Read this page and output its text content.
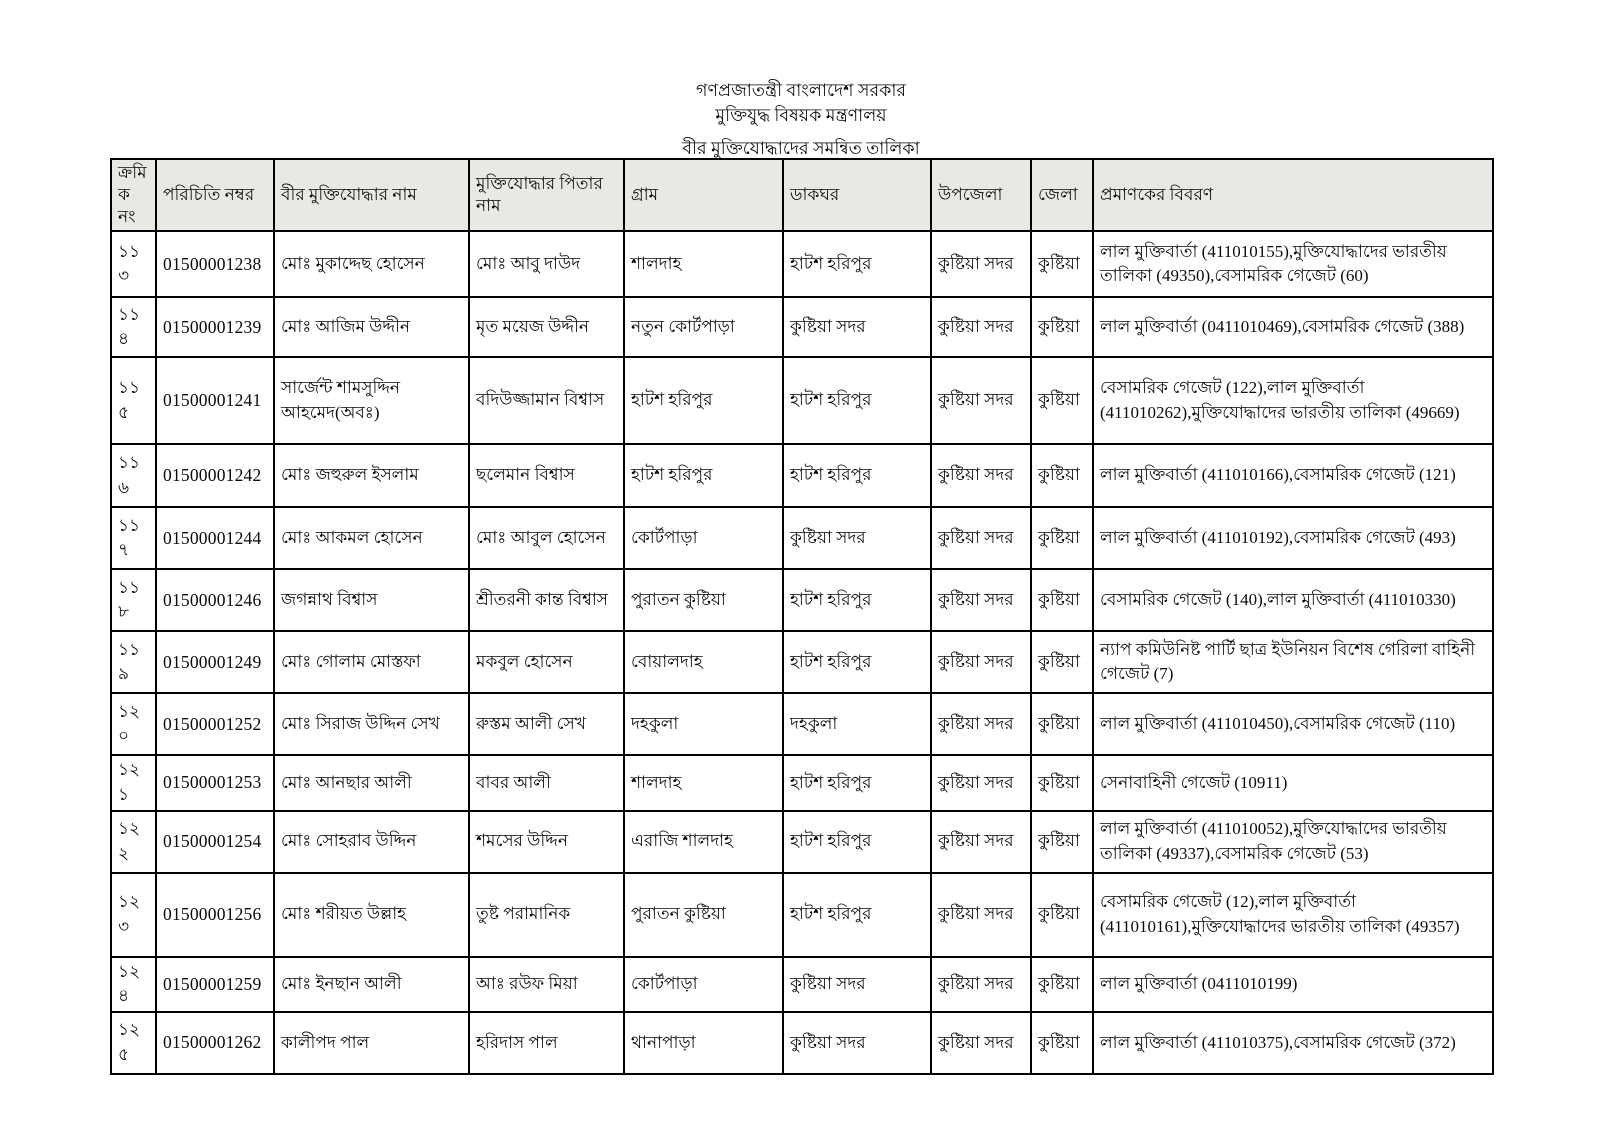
গণপ্রজাতন্ত্রী বাংলাদেশ সরকার
মুক্তিযুদ্ধ বিষয়ক মন্ত্রণালয়
বীর মুক্তিযোদ্ধাদের সমন্বিত তালিকা
ক্রমিক নং	পরিচিতি নম্বর	বীর মুক্তিযোদ্ধার নাম	মুক্তিযোদ্ধার পিতার নাম	গ্রাম	ডাকঘর	উপজেলা	জেলা	প্রমাণকের বিবরণ
১১৩	01500001238	মোঃ মুকাদ্দেছ হোসেন	মোঃ আবু দাউদ	শালদাহ	হাটশ হরিপুর	কুষ্টিয়া সদর	কুষ্টিয়া	লাল মুক্তিবার্তা (411010155),মুক্তিযোদ্ধাদের ভারতীয় তালিকা (49350),বেসামরিক গেজেট (60)
১১৪	01500001239	মোঃ আজিম উদ্দীন	মৃত ময়েজ উদ্দীন	নতুন কোর্টপাড়া	কুষ্টিয়া সদর	কুষ্টিয়া সদর	কুষ্টিয়া	লাল মুক্তিবার্তা (0411010469),বেসামরিক গেজেট (388)
১১৫	01500001241	সার্জেন্ট শামসুদ্দিন আহমেদ(অবঃ)	বদিউজ্জামান বিশ্বাস	হাটশ হরিপুর	হাটশ হরিপুর	কুষ্টিয়া সদর	কুষ্টিয়া	বেসামরিক গেজেট (122),লাল মুক্তিবার্তা (411010262),মুক্তিযোদ্ধাদের ভারতীয় তালিকা (49669)
১১৬	01500001242	মোঃ জহুরুল ইসলাম	ছলেমান বিশ্বাস	হাটশ হরিপুর	হাটশ হরিপুর	কুষ্টিয়া সদর	কুষ্টিয়া	লাল মুক্তিবার্তা (411010166),বেসামরিক গেজেট (121)
১১৭	01500001244	মোঃ আকমল হোসেন	মোঃ আবুল হোসেন	কোর্টপাড়া	কুষ্টিয়া সদর	কুষ্টিয়া সদর	কুষ্টিয়া	লাল মুক্তিবার্তা (411010192),বেসামরিক গেজেট (493)
১১৮	01500001246	জগন্নাথ বিশ্বাস	শ্রীতরনী কান্ত বিশ্বাস	পুরাতন কুষ্টিয়া	হাটশ হরিপুর	কুষ্টিয়া সদর	কুষ্টিয়া	বেসামরিক গেজেট (140),লাল মুক্তিবার্তা (411010330)
১১৯	01500001249	মোঃ গোলাম মোস্তফা	মকবুল হোসেন	বোয়ালদাহ	হাটশ হরিপুর	কুষ্টিয়া সদর	কুষ্টিয়া	ন্যাপ কমিউনিষ্ট পার্টি ছাত্র ইউনিয়ন বিশেষ গেরিলা বাহিনী গেজেট (7)
১২০	01500001252	মোঃ সিরাজ উদ্দিন সেখ	রুস্তম আলী সেখ	দহকুলা	দহকুলা	কুষ্টিয়া সদর	কুষ্টিয়া	লাল মুক্তিবার্তা (411010450),বেসামরিক গেজেট (110)
১২১	01500001253	মোঃ আনছার আলী	বাবর আলী	শালদাহ	হাটশ হরিপুর	কুষ্টিয়া সদর	কুষ্টিয়া	সেনাবাহিনী গেজেট (10911)
১২২	01500001254	মোঃ সোহরাব উদ্দিন	শমসের উদ্দিন	এরাজি শালদাহ	হাটশ হরিপুর	কুষ্টিয়া সদর	কুষ্টিয়া	লাল মুক্তিবার্তা (411010052),মুক্তিযোদ্ধাদের ভারতীয় তালিকা (49337),বেসামরিক গেজেট (53)
১২৩	01500001256	মোঃ শরীয়ত উল্লাহ	তুষ্ট পরামানিক	পুরাতন কুষ্টিয়া	হাটশ হরিপুর	কুষ্টিয়া সদর	কুষ্টিয়া	বেসামরিক গেজেট (12),লাল মুক্তিবার্তা (411010161),মুক্তিযোদ্ধাদের ভারতীয় তালিকা (49357)
১২৪	01500001259	মোঃ ইনছান আলী	আঃ রউফ মিয়া	কোর্টপাড়া	কুষ্টিয়া সদর	কুষ্টিয়া সদর	কুষ্টিয়া	লাল মুক্তিবার্তা (0411010199)
১২৫	01500001262	কালীপদ পাল	হরিদাস পাল	থানাপাড়া	কুষ্টিয়া সদর	কুষ্টিয়া সদর	কুষ্টিয়া	লাল মুক্তিবার্তা (411010375),বেসামরিক গেজেট (372)
